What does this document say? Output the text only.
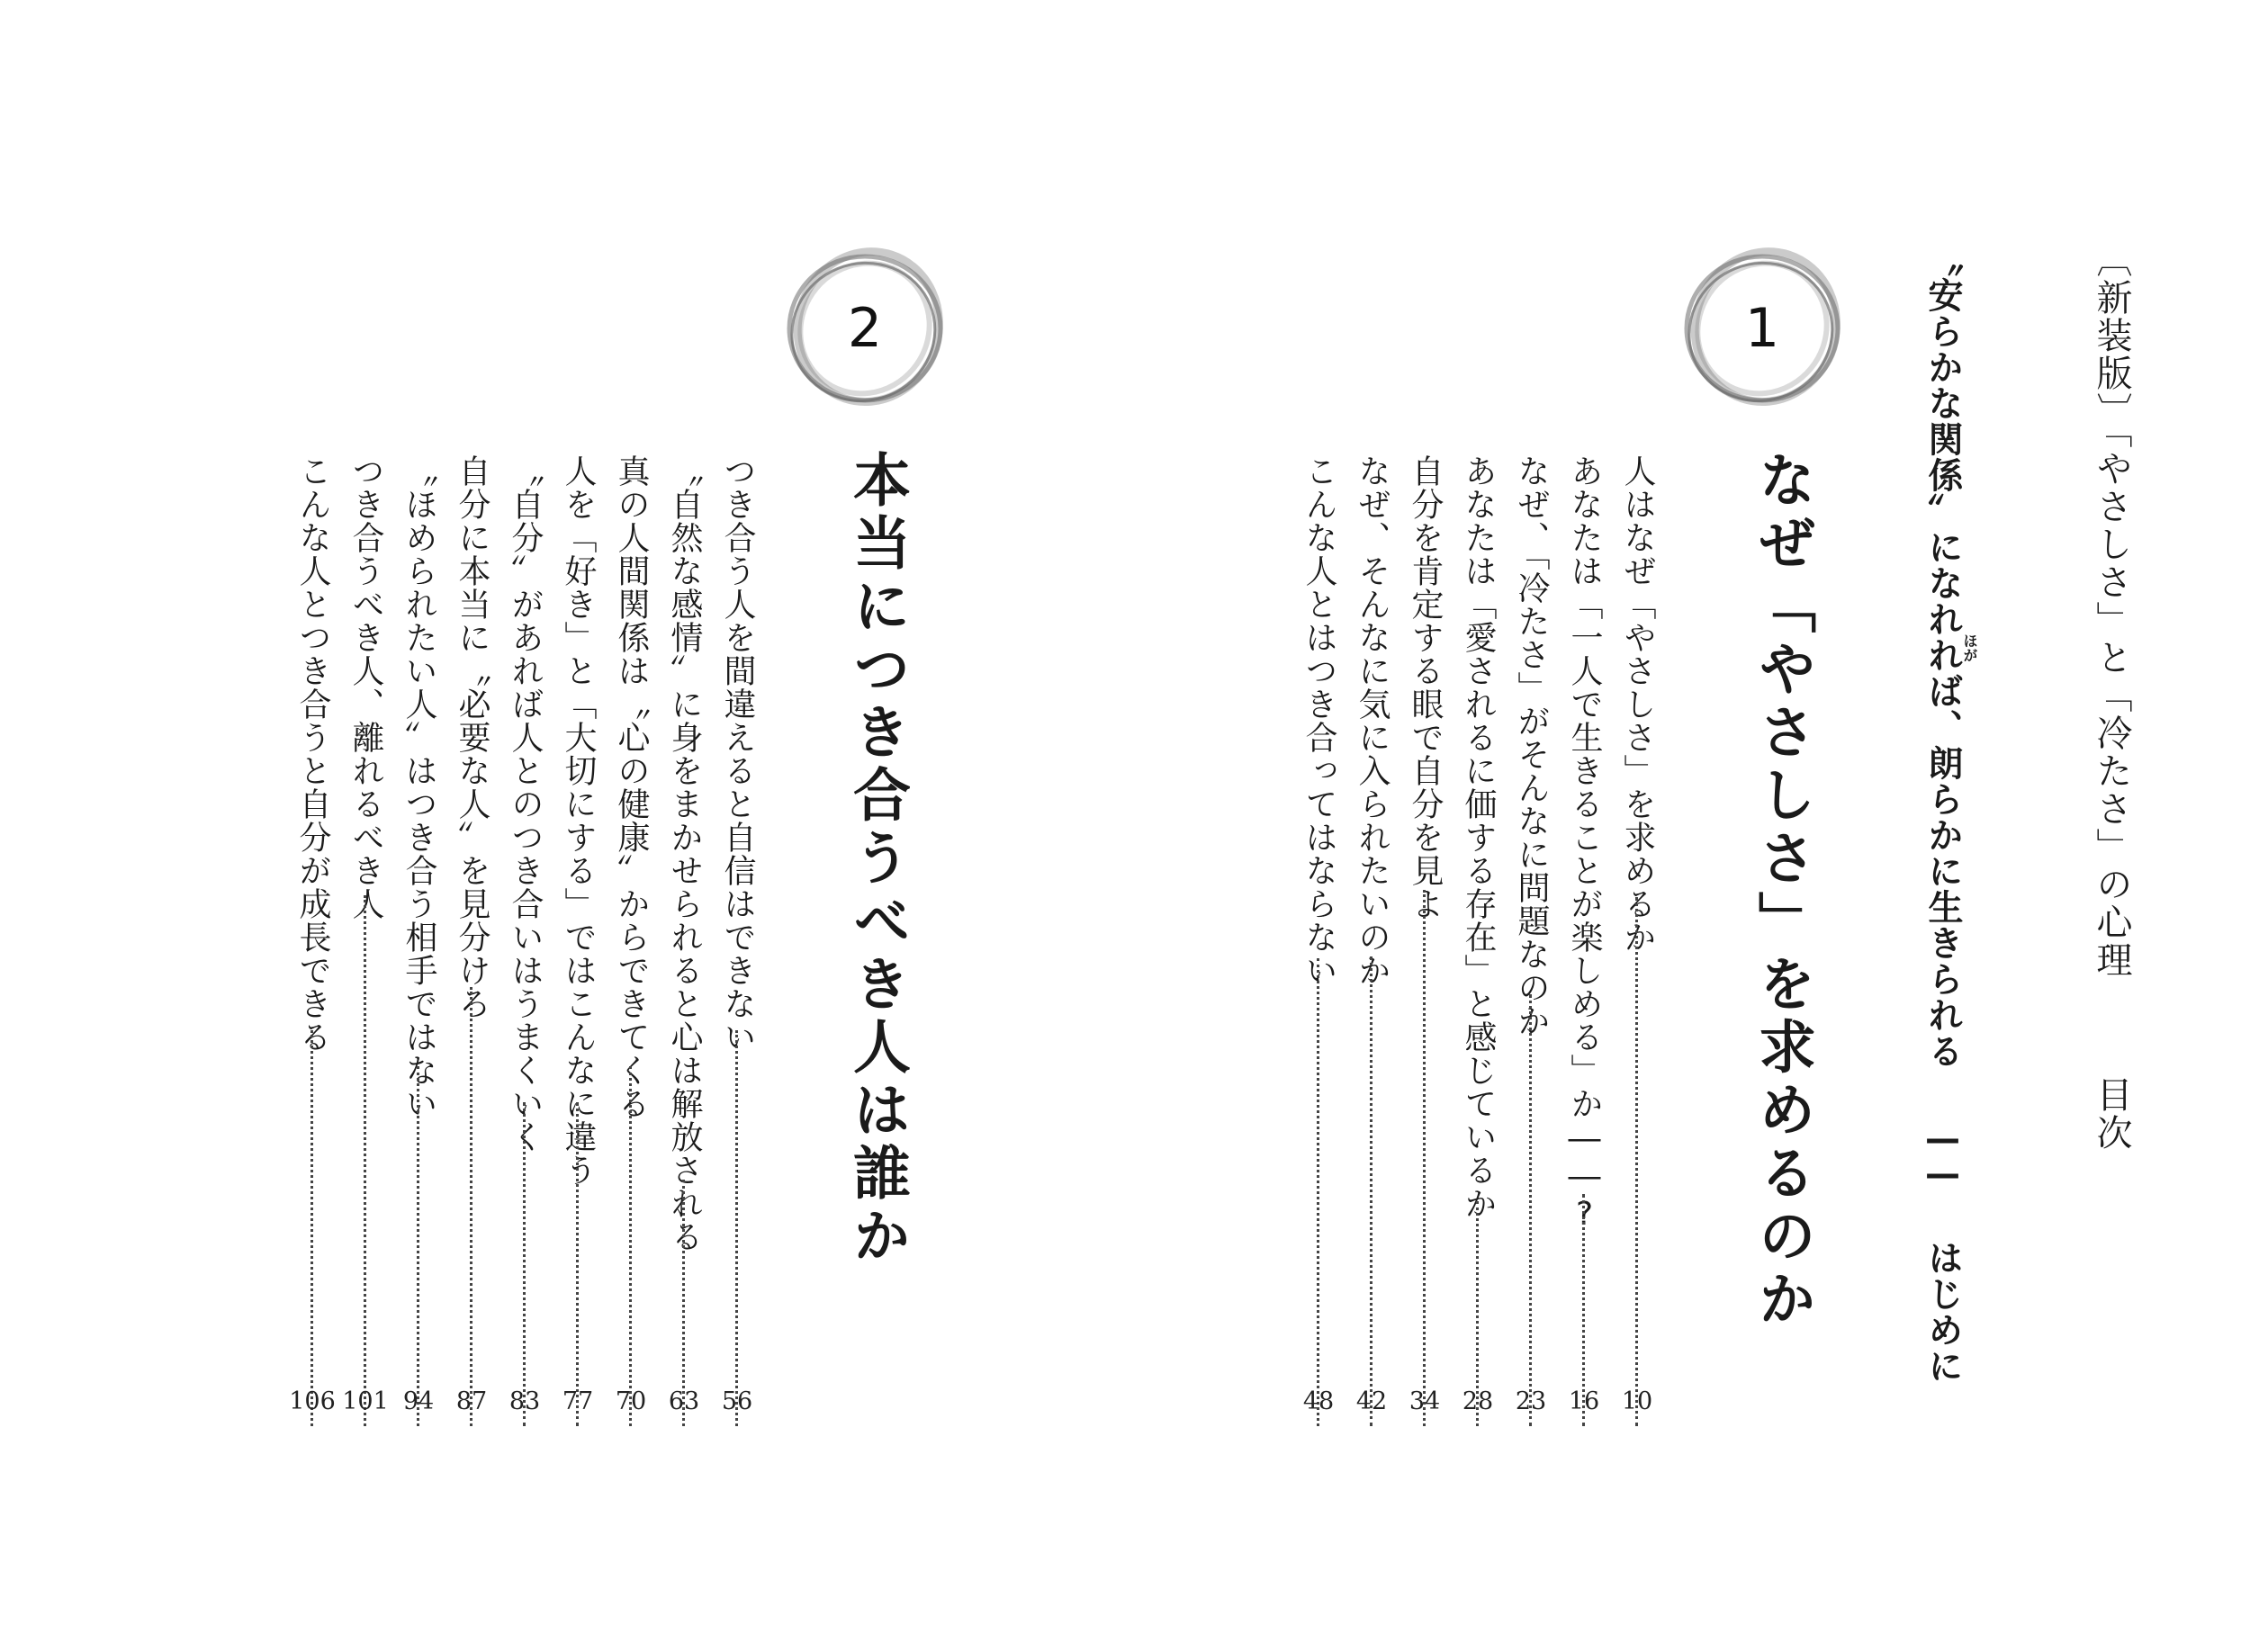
〔新装版〕「やさしさ」と「冷たさ」の心理 目次
〝安らかな関係〟になれれば、朗らかに生きられる —— はじめに
ほが
1
なぜ「やさしさ」を求めるのか
人はなぜ「やさしさ」を求めるか
10
あなたは「一人で生きることが楽しめる」か――?
16
なぜ、「冷たさ」がそんなに問題なのか
23
あなたは「愛されるに価する存在」と感じているか
28
自分を肯定する眼で自分を見よ
34
なぜ、そんなに気に入られたいのか
42
こんな人とはつき合ってはならない
48
2
本当につき合うべき人は誰か
つき合う人を間違えると自信はできない
56
〝自然な感情〟に身をまかせられると心は解放される
63
真の人間関係は〝心の健康〟からできてくる
70
人を「好き」と「大切にする」ではこんなに違う
77
〝自分〟があれば人とのつき合いはうまくいく
83
自分に本当に〝必要な人〟を見分けろ
87
〝ほめられたい人〟はつき合う相手ではない
94
つき合うべき人、離れるべき人
101
こんな人とつき合うと自分が成長できる
106
